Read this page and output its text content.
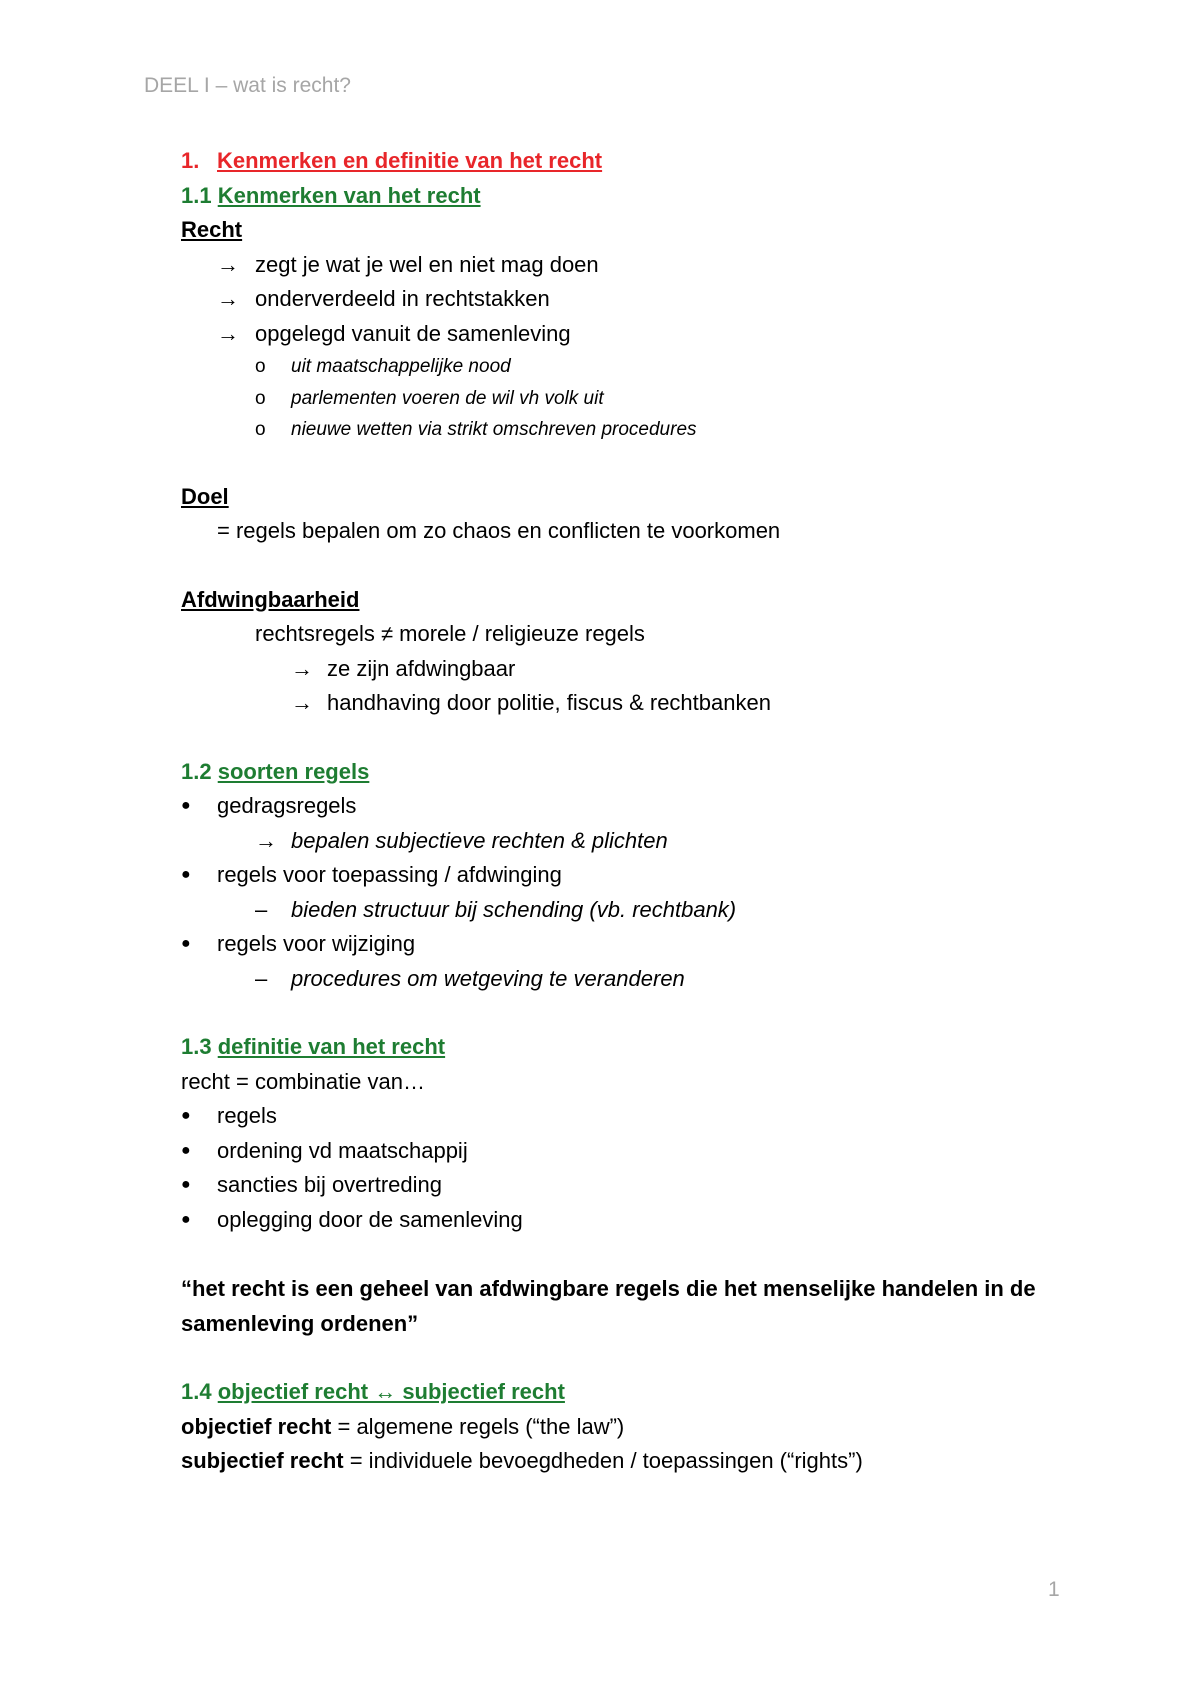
DEEL I – wat is recht?
1. Kenmerken en definitie van het recht
1.1 Kenmerken van het recht
Recht
→ zegt je wat je wel en niet mag doen
→ onderverdeeld in rechtstakken
→ opgelegd vanuit de samenleving
o uit maatschappelijke nood
o parlementen voeren de wil vh volk uit
o nieuwe wetten via strikt omschreven procedures
Doel
= regels bepalen om zo chaos en conflicten te voorkomen
Afdwingbaarheid
rechtsregels ≠ morele / religieuze regels
→ ze zijn afdwingbaar
→ handhaving door politie, fiscus & rechtbanken
1.2 soorten regels
● gedragsregels
→ bepalen subjectieve rechten & plichten
● regels voor toepassing / afdwinging
– bieden structuur bij schending (vb. rechtbank)
● regels voor wijziging
– procedures om wetgeving te veranderen
1.3 definitie van het recht
recht = combinatie van…
● regels
● ordening vd maatschappij
● sancties bij overtreding
● oplegging door de samenleving
“het recht is een geheel van afdwingbare regels die het menselijke handelen in de samenleving ordenen”
1.4 objectief recht ↔ subjectief recht
objectief recht = algemene regels (“the law”)
subjectief recht = individuele bevoegdheden / toepassingen (“rights”)
1
